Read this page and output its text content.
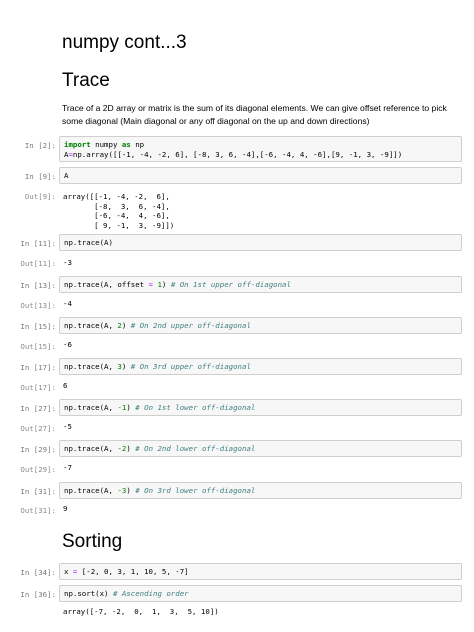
numpy cont...3
Trace
Trace of a 2D array or matrix is the sum of its diagonal elements. We can give offset reference to pick some diagonal (Main diagonal or any off diagonal on the up and down directions)
In [2]:	import numpy as np
A=np.array([[-1, -4, -2, 6], [-8, 3, 6, -4],[-6, -4, 4, -6],[9, -1, 3, -9]])
In [9]:	A
Out[9]: array([[-1, -4, -2,  6],
[-8,  3,  6, -4],
[-6, -4,  4, -6],
[ 9, -1,  3, -9]])
In [11]:	np.trace(A)
Out[11]: -3
In [13]:	np.trace(A, offset = 1) # On 1st upper off-diagonal
Out[13]: -4
In [15]:	np.trace(A, 2) # On 2nd upper off-diagonal
Out[15]: -6
In [17]:	np.trace(A, 3) # On 3rd upper off-diagonal
Out[17]: 6
In [27]:	np.trace(A, -1) # On 1st lower off-diagonal
Out[27]: -5
In [29]:	np.trace(A, -2) # On 2nd lower off-diagonal
Out[29]: -7
In [31]:	np.trace(A, -3) # On 3rd lower off-diagonal
Out[31]: 9
Sorting
In [34]:	x = [-2, 0, 3, 1, 10, 5, -7]
In [36]:	np.sort(x) # Ascending order
array([-7, -2,  0,  1,  3,  5, 10])
